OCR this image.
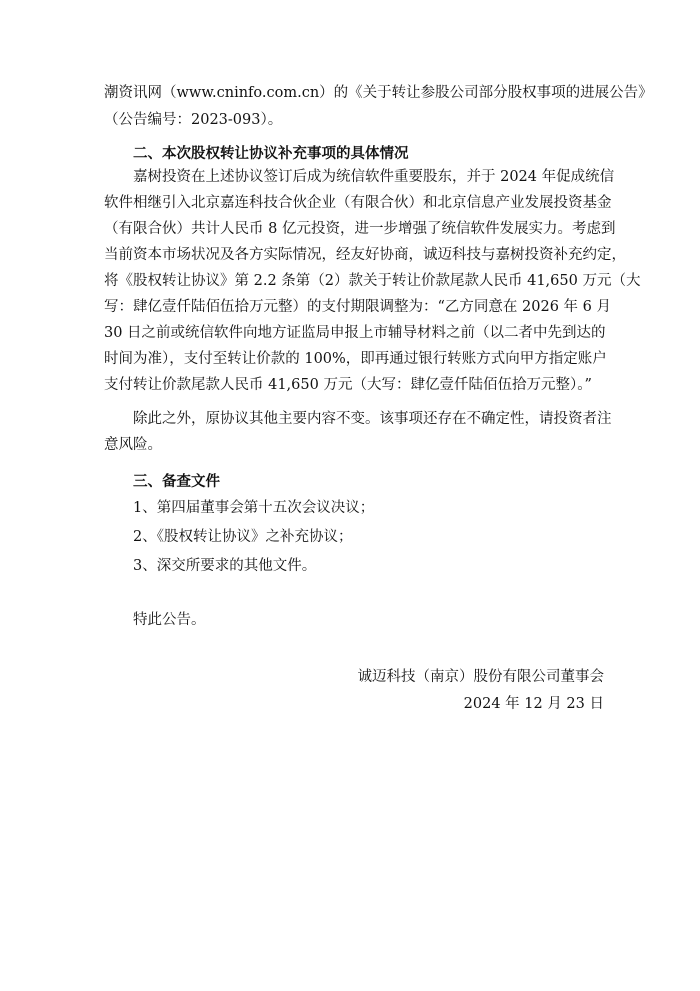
潮资讯网（www.cninfo.com.cn）的《关于转让参股公司部分股权事项的进展公告》
（公告编号：2023-093）。
二、本次股权转让协议补充事项的具体情况
嘉树投资在上述协议签订后成为统信软件重要股东，并于 2024 年促成统信
软件相继引入北京嘉连科技合伙企业（有限合伙）和北京信息产业发展投资基金
（有限合伙）共计人民币 8 亿元投资，进一步增强了统信软件发展实力。考虑到
当前资本市场状况及各方实际情况，经友好协商，诚迈科技与嘉树投资补充约定，
将《股权转让协议》第 2.2 条第（2）款关于转让价款尾款人民币 41,650 万元（大
写：肆亿壹仟陆佰伍拾万元整）的支付期限调整为：“乙方同意在 2026 年 6 月
30 日之前或统信软件向地方证监局申报上市辅导材料之前（以二者中先到达的
时间为准），支付至转让价款的 100%，即再通过银行转账方式向甲方指定账户
支付转让价款尾款人民币 41,650 万元（大写：肆亿壹仟陆佰伍拾万元整）。”
除此之外，原协议其他主要内容不变。该事项还存在不确定性，请投资者注
意风险。
三、备查文件
1、第四届董事会第十五次会议决议；
2、《股权转让协议》之补充协议；
3、深交所要求的其他文件。
特此公告。
诚迈科技（南京）股份有限公司董事会
2024 年 12 月 23 日
